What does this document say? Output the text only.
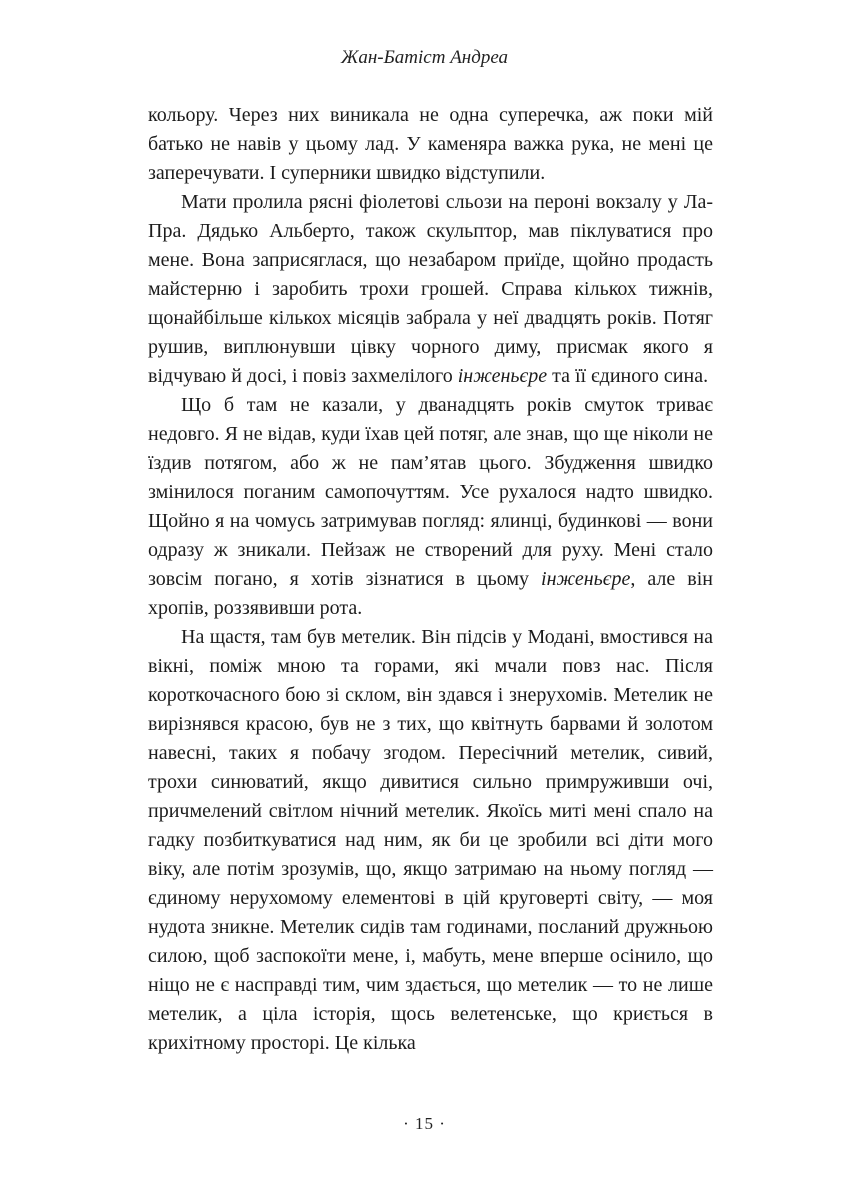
Жан-Батіст Андреа

кольору. Через них виникала не одна суперечка, аж поки мій батько не навів у цьому лад. У каменяра важка рука, не мені це заперечувати. І суперники швидко відступили.

Мати пролила рясні фіолетові сльози на пероні вокзалу у Ла-Пра. Дядько Альберто, також скульптор, мав піклуватися про мене. Вона заприсяглася, що незабаром приїде, щойно продасть майстерню і заробить трохи грошей. Справа кількох тижнів, щонайбільше кількох місяців забрала у неї двадцять років. Потяг рушив, виплюнувши цівку чорного диму, присмак якого я відчуваю й досі, і повіз захмелілого інженьєре та її єдиного сина.

Що б там не казали, у дванадцять років смуток триває недовго. Я не відав, куди їхав цей потяг, але знав, що ще ніколи не їздив потягом, або ж не пам’ятав цього. Збудження швидко змінилося поганим самопочуттям. Усе рухалося надто швидко. Щойно я на чомусь затримував погляд: ялинці, будинкові — вони одразу ж зникали. Пейзаж не створений для руху. Мені стало зовсім погано, я хотів зізнатися в цьому інженьєре, але він хропів, роззявивши рота.

На щастя, там був метелик. Він підсів у Модані, вмостився на вікні, поміж мною та горами, які мчали повз нас. Після короткочасного бою зі склом, він здався і знерухомів. Метелик не вирізнявся красою, був не з тих, що квітнуть барвами й золотом навесні, таких я побачу згодом. Пересічний метелик, сивий, трохи синюватий, якщо дивитися сильно примруживши очі, причмелений світлом нічний метелик. Якоїсь миті мені спало на гадку позбиткуватися над ним, як би це зробили всі діти мого віку, але потім зрозумів, що, якщо затримаю на ньому погляд — єдиному нерухомому елементові в цій круговерті світу, — моя нудота зникне. Метелик сидів там годинами, посланий дружньою силою, щоб заспокоїти мене, і, мабуть, мене вперше осінило, що ніщо не є насправді тим, чим здається, що метелик — то не лише метелик, а ціла історія, щось велетенське, що криється в крихітному просторі. Це кілька

· 15 ·
